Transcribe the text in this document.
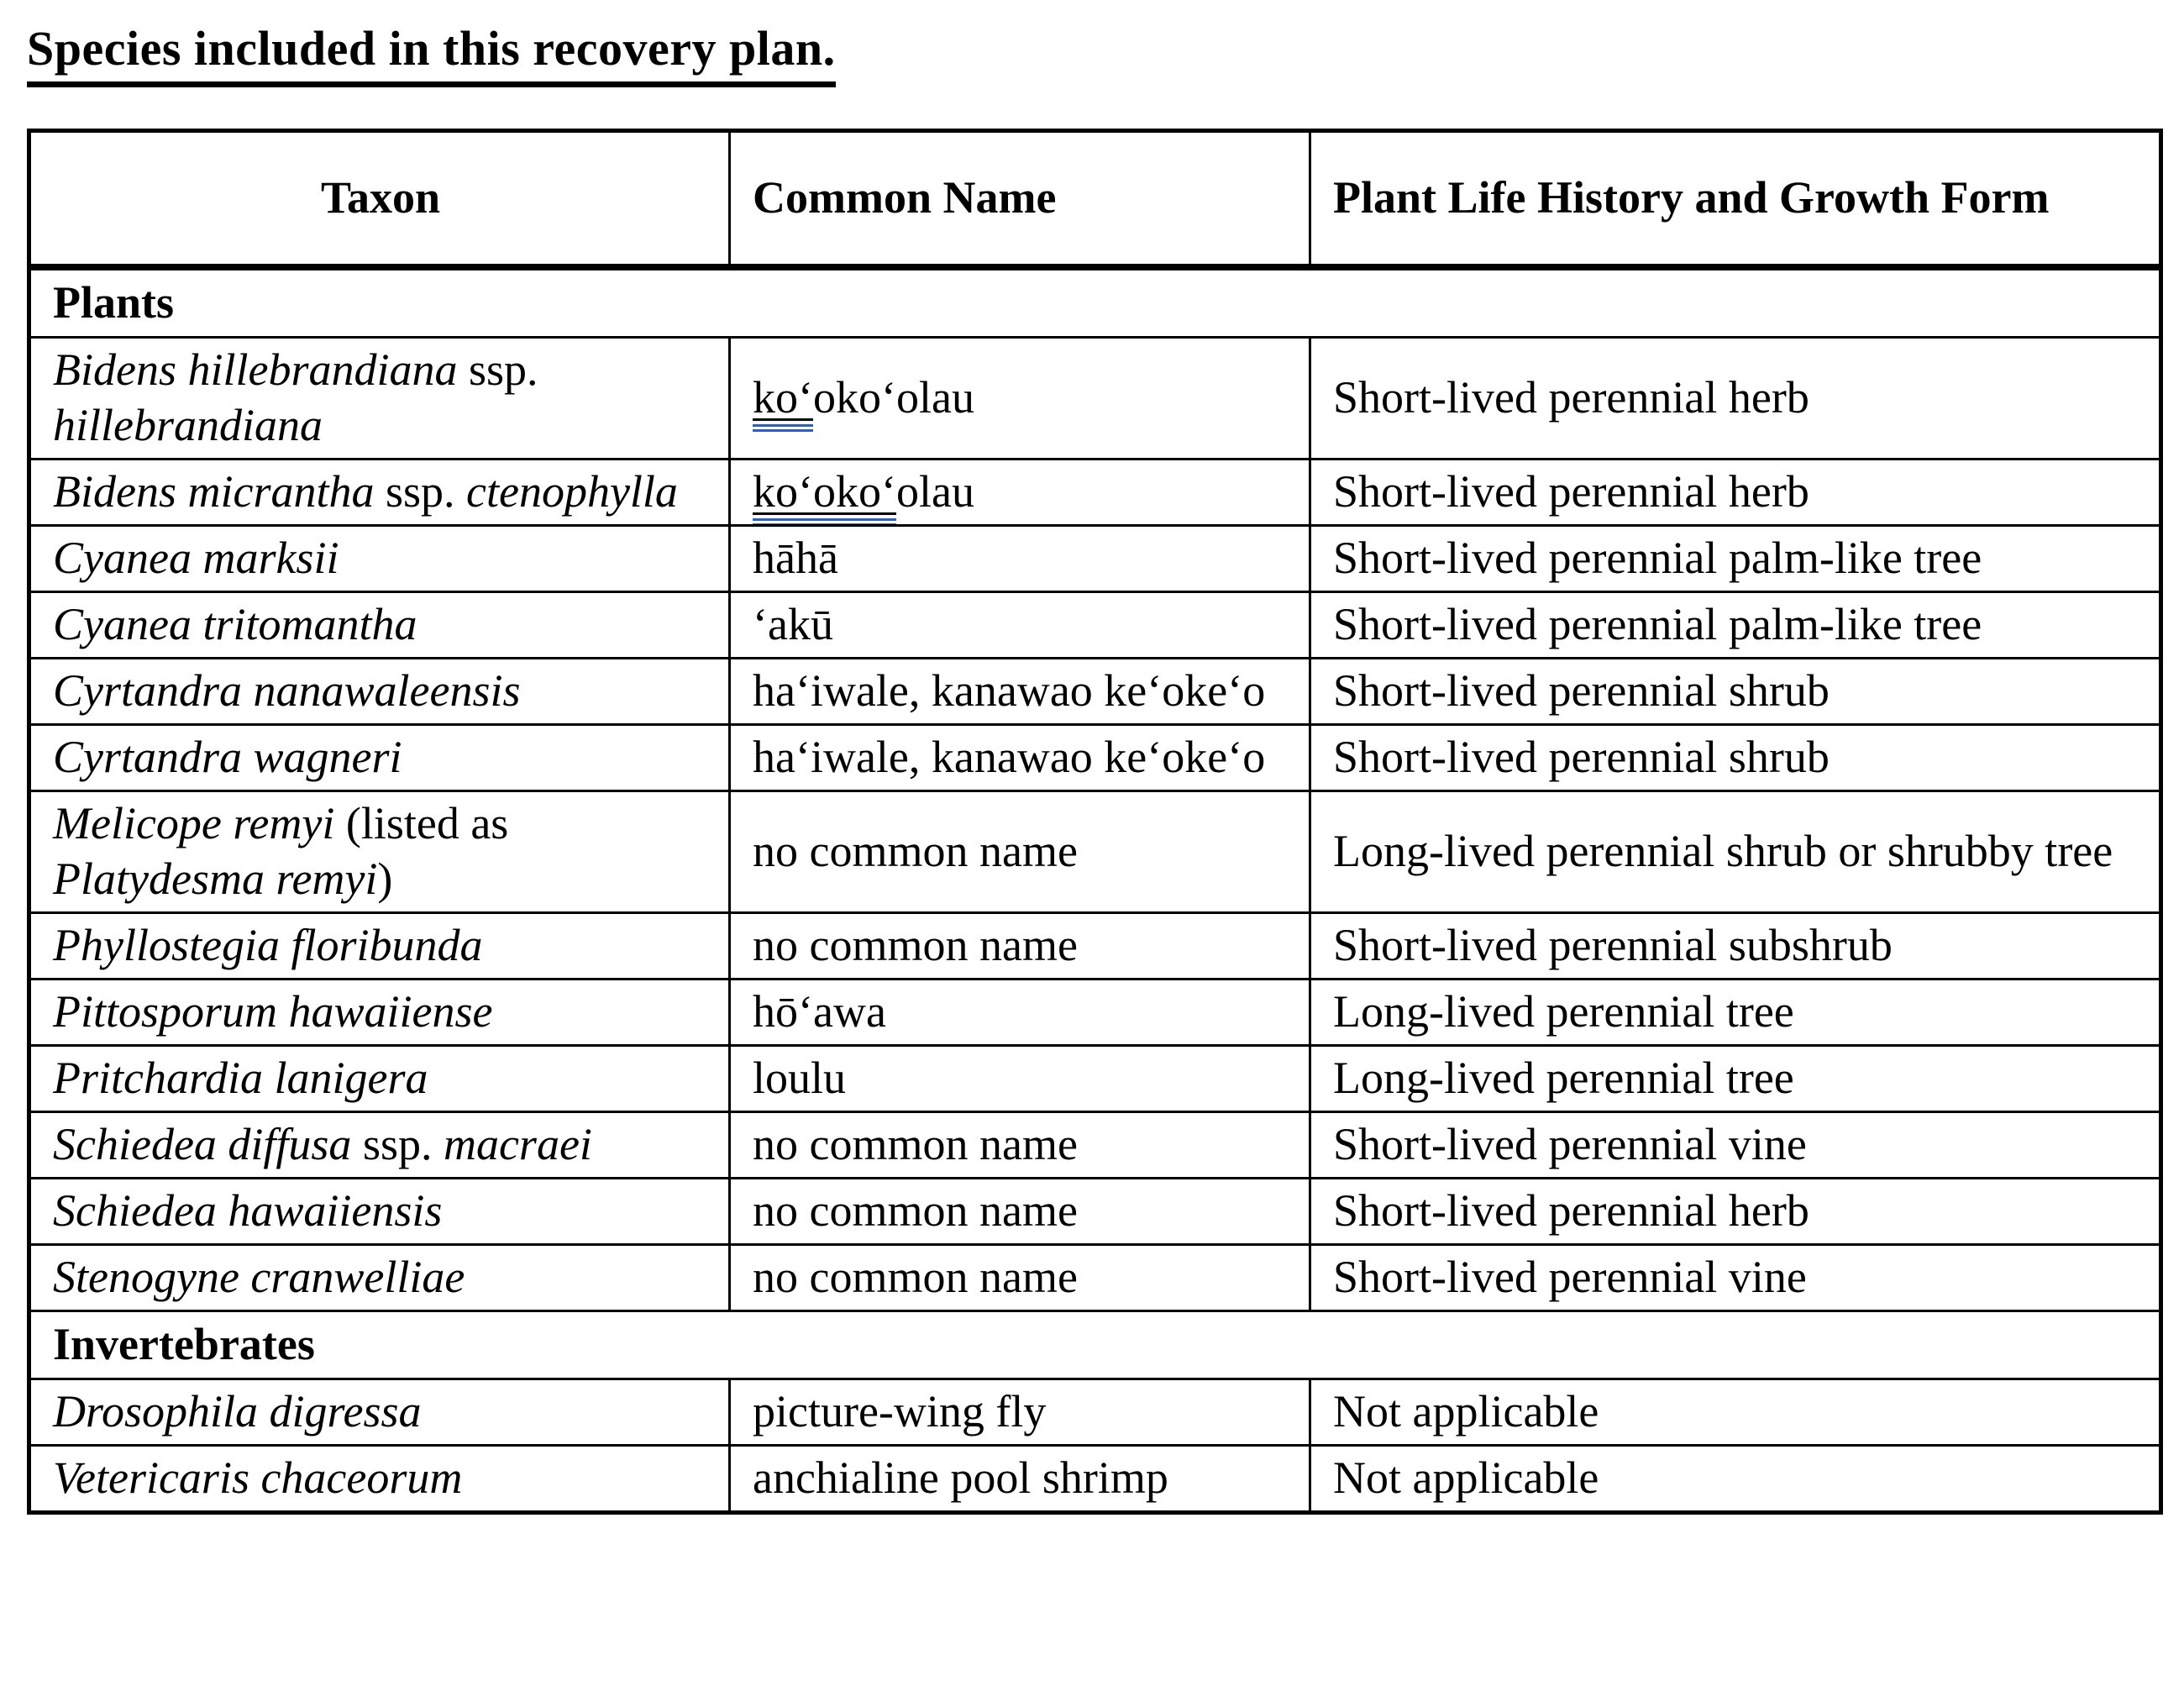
Species included in this recovery plan.
Taxon	Common Name	Plant Life History and Growth Form
Plants		
Bidens hillebrandiana ssp. hillebrandiana	koʻokoʻolau	Short-lived perennial herb
Bidens micrantha ssp. ctenophylla	koʻokoʻolau	Short-lived perennial herb
Cyanea marksii	hāhā	Short-lived perennial palm-like tree
Cyanea tritomantha	ʻakū	Short-lived perennial palm-like tree
Cyrtandra nanawaleensis	haʻiwale, kanawao keʻokeʻo	Short-lived perennial shrub
Cyrtandra wagneri	haʻiwale, kanawao keʻokeʻo	Short-lived perennial shrub
Melicope remyi (listed as Platydesma remyi)	no common name	Long-lived perennial shrub or shrubby tree
Phyllostegia floribunda	no common name	Short-lived perennial subshrub
Pittosporum hawaiiense	hōʻawa	Long-lived perennial tree
Pritchardia lanigera	loulu	Long-lived perennial tree
Schiedea diffusa ssp. macraei	no common name	Short-lived perennial vine
Schiedea hawaiiensis	no common name	Short-lived perennial herb
Stenogyne cranwelliae	no common name	Short-lived perennial vine
Invertebrates		
Drosophila digressa	picture-wing fly	Not applicable
Vetericaris chaceorum	anchialine pool shrimp	Not applicable
